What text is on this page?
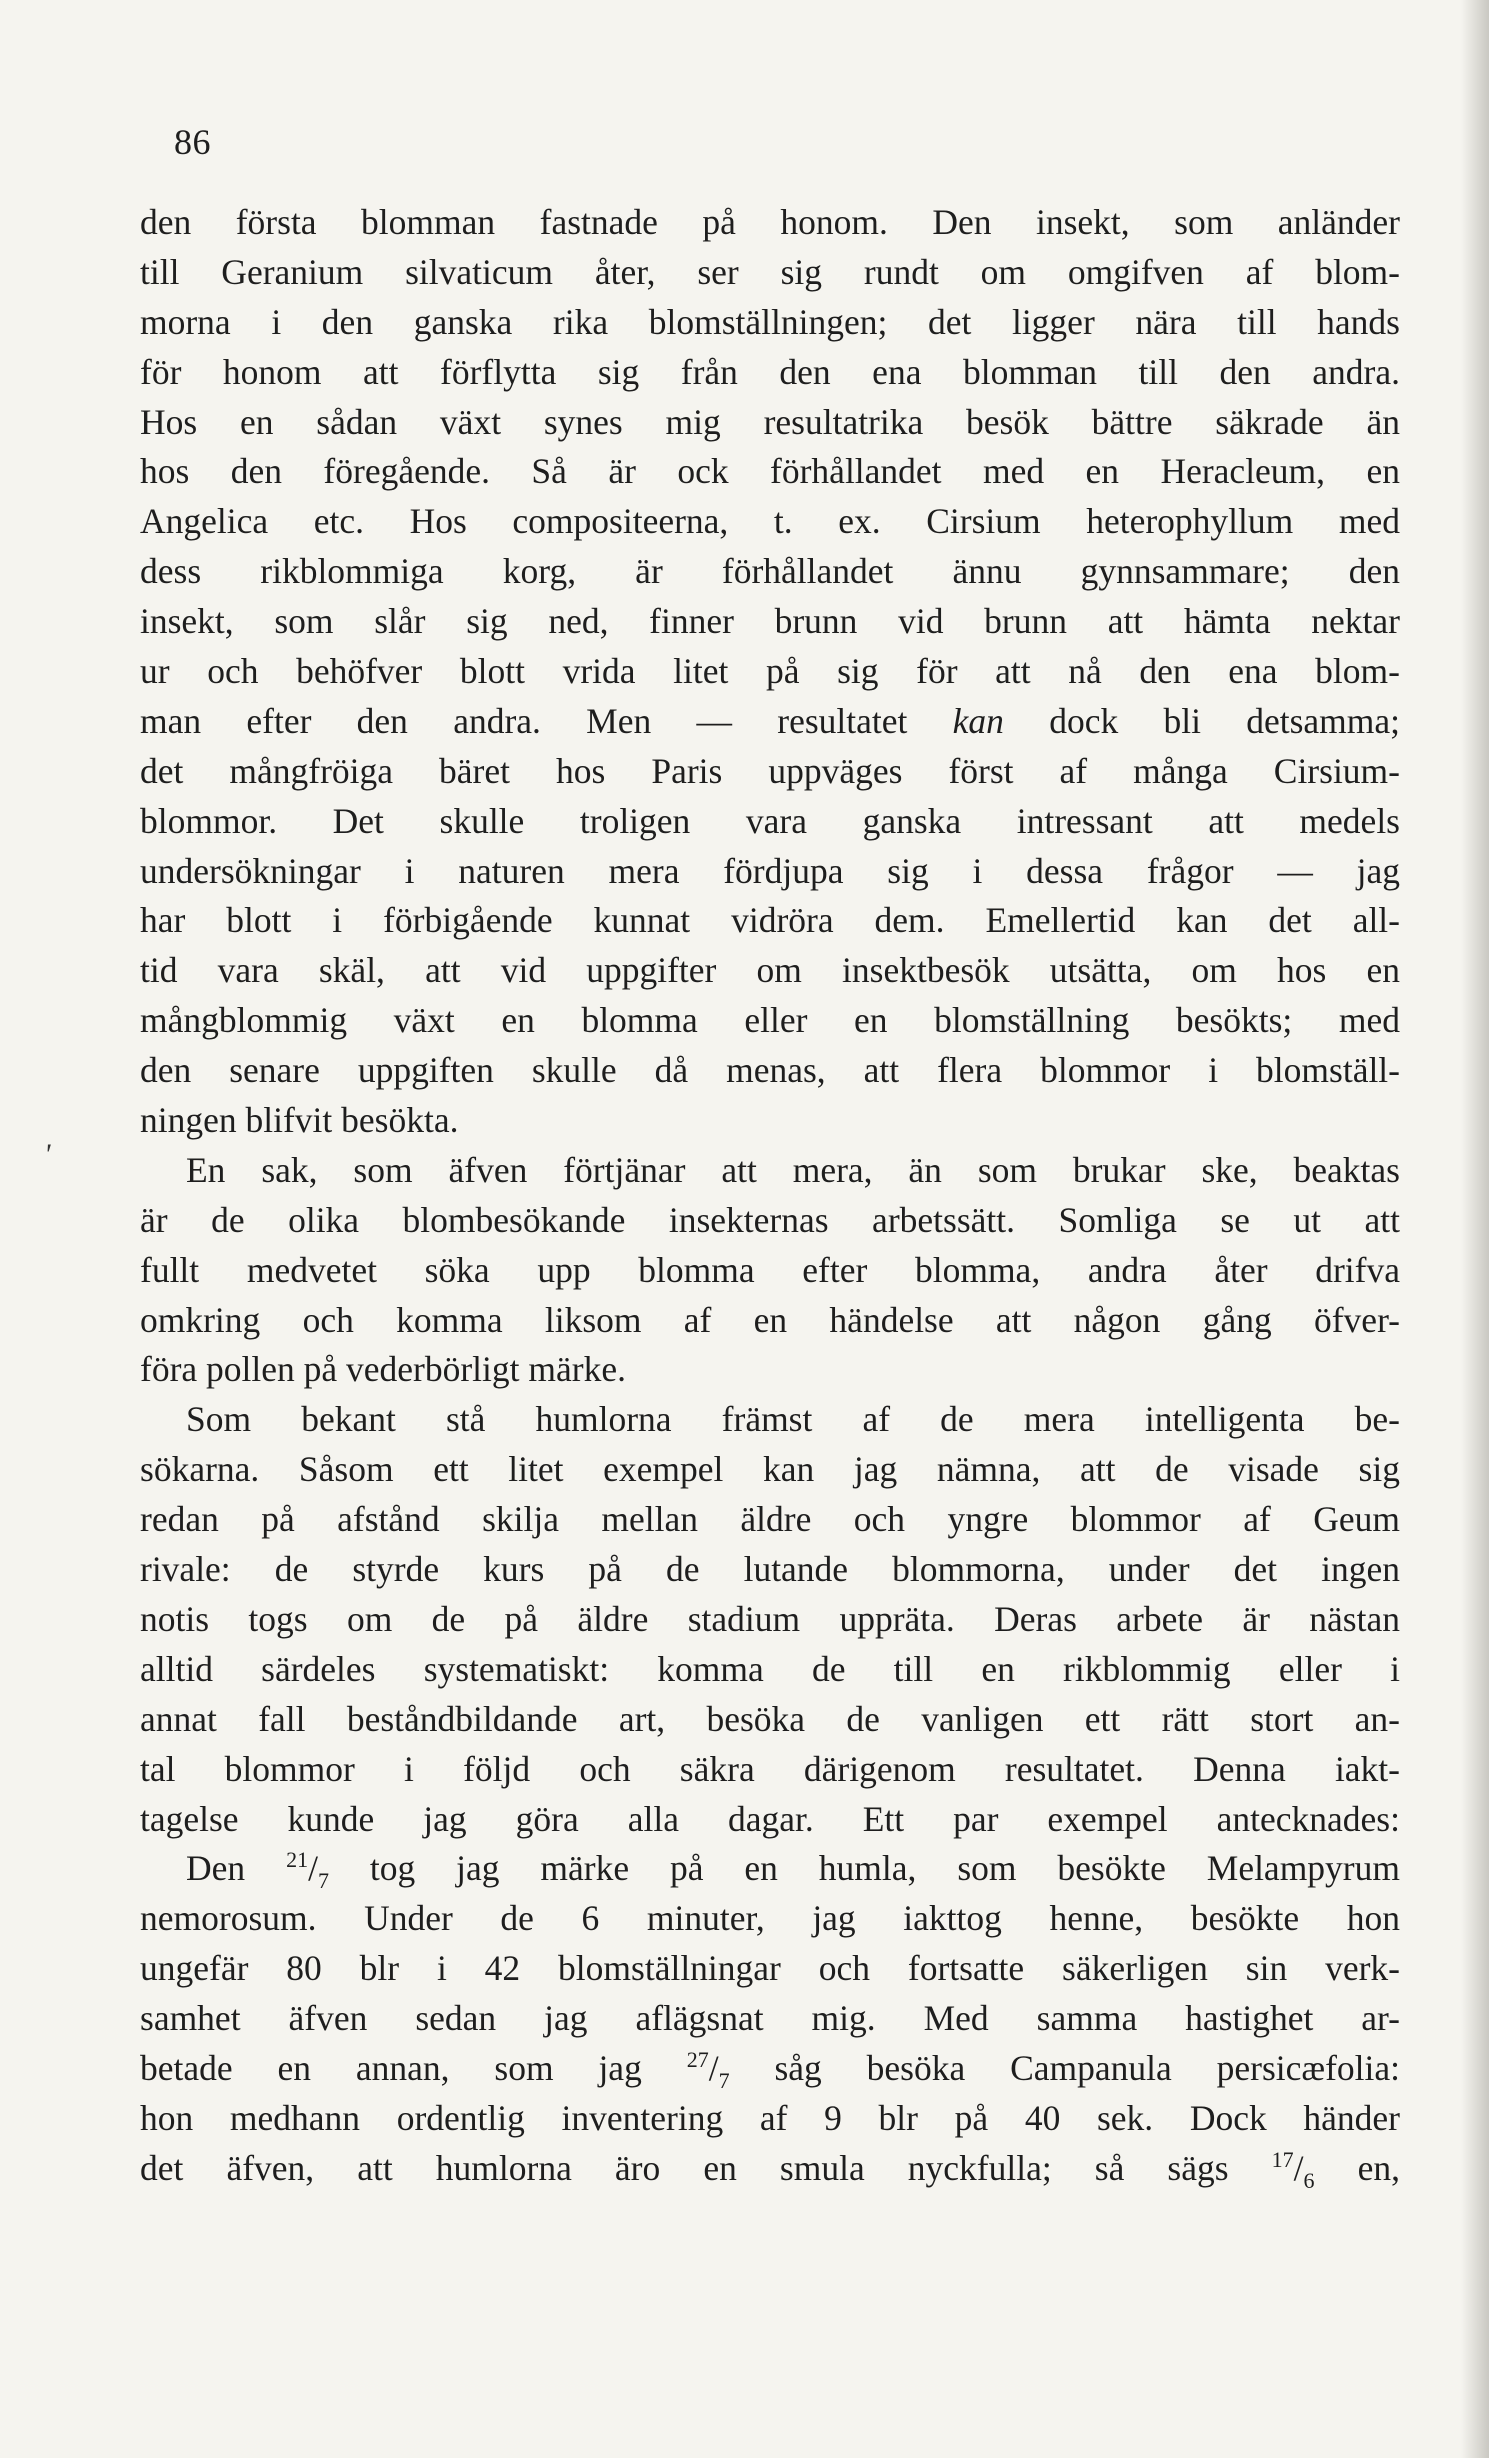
86
'
den första blomman fastnade på honom. Den insekt, som anländer
till Geranium silvaticum åter, ser sig rundt om omgifven af blom-
morna i den ganska rika blomställningen; det ligger nära till hands
för honom att förflytta sig från den ena blomman till den andra.
Hos en sådan växt synes mig resultatrika besök bättre säkrade än
hos den föregående. Så är ock förhållandet med en Heracleum, en
Angelica etc. Hos compositeerna, t. ex. Cirsium heterophyllum med
dess rikblommiga korg, är förhållandet ännu gynnsammare; den
insekt, som slår sig ned, finner brunn vid brunn att hämta nektar
ur och behöfver blott vrida litet på sig för att nå den ena blom-
man efter den andra. Men — resultatet kan dock bli detsamma;
det mångfröiga bäret hos Paris uppväges först af många Cirsium-
blommor. Det skulle troligen vara ganska intressant att medels
undersökningar i naturen mera fördjupa sig i dessa frågor — jag
har blott i förbigående kunnat vidröra dem. Emellertid kan det all-
tid vara skäl, att vid uppgifter om insektbesök utsätta, om hos en
mångblommig växt en blomma eller en blomställning besökts; med
den senare uppgiften skulle då menas, att flera blommor i blomställ-
ningen blifvit besökta.
En sak, som äfven förtjänar att mera, än som brukar ske, beaktas
är de olika blombesökande insekternas arbetssätt. Somliga se ut att
fullt medvetet söka upp blomma efter blomma, andra åter drifva
omkring och komma liksom af en händelse att någon gång öfver-
föra pollen på vederbörligt märke.
Som bekant stå humlorna främst af de mera intelligenta be-
sökarna. Såsom ett litet exempel kan jag nämna, att de visade sig
redan på afstånd skilja mellan äldre och yngre blommor af Geum
rivale: de styrde kurs på de lutande blommorna, under det ingen
notis togs om de på äldre stadium uppräta. Deras arbete är nästan
alltid särdeles systematiskt: komma de till en rikblommig eller i
annat fall beståndbildande art, besöka de vanligen ett rätt stort an-
tal blommor i följd och säkra därigenom resultatet. Denna iakt-
tagelse kunde jag göra alla dagar. Ett par exempel antecknades:
Den $^{21}/_7$ tog jag märke på en humla, som besökte Melampyrum
nemorosum. Under de 6 minuter, jag iakttog henne, besökte hon
ungefär 80 blr i 42 blomställningar och fortsatte säkerligen sin verk-
samhet äfven sedan jag aflägsnat mig. Med samma hastighet ar-
betade en annan, som jag $^{27}/_7$ såg besöka Campanula persicæfolia:
hon medhann ordentlig inventering af 9 blr på 40 sek. Dock händer
det äfven, att humlorna äro en smula nyckfulla; så sägs $^{17}/_6$ en,
